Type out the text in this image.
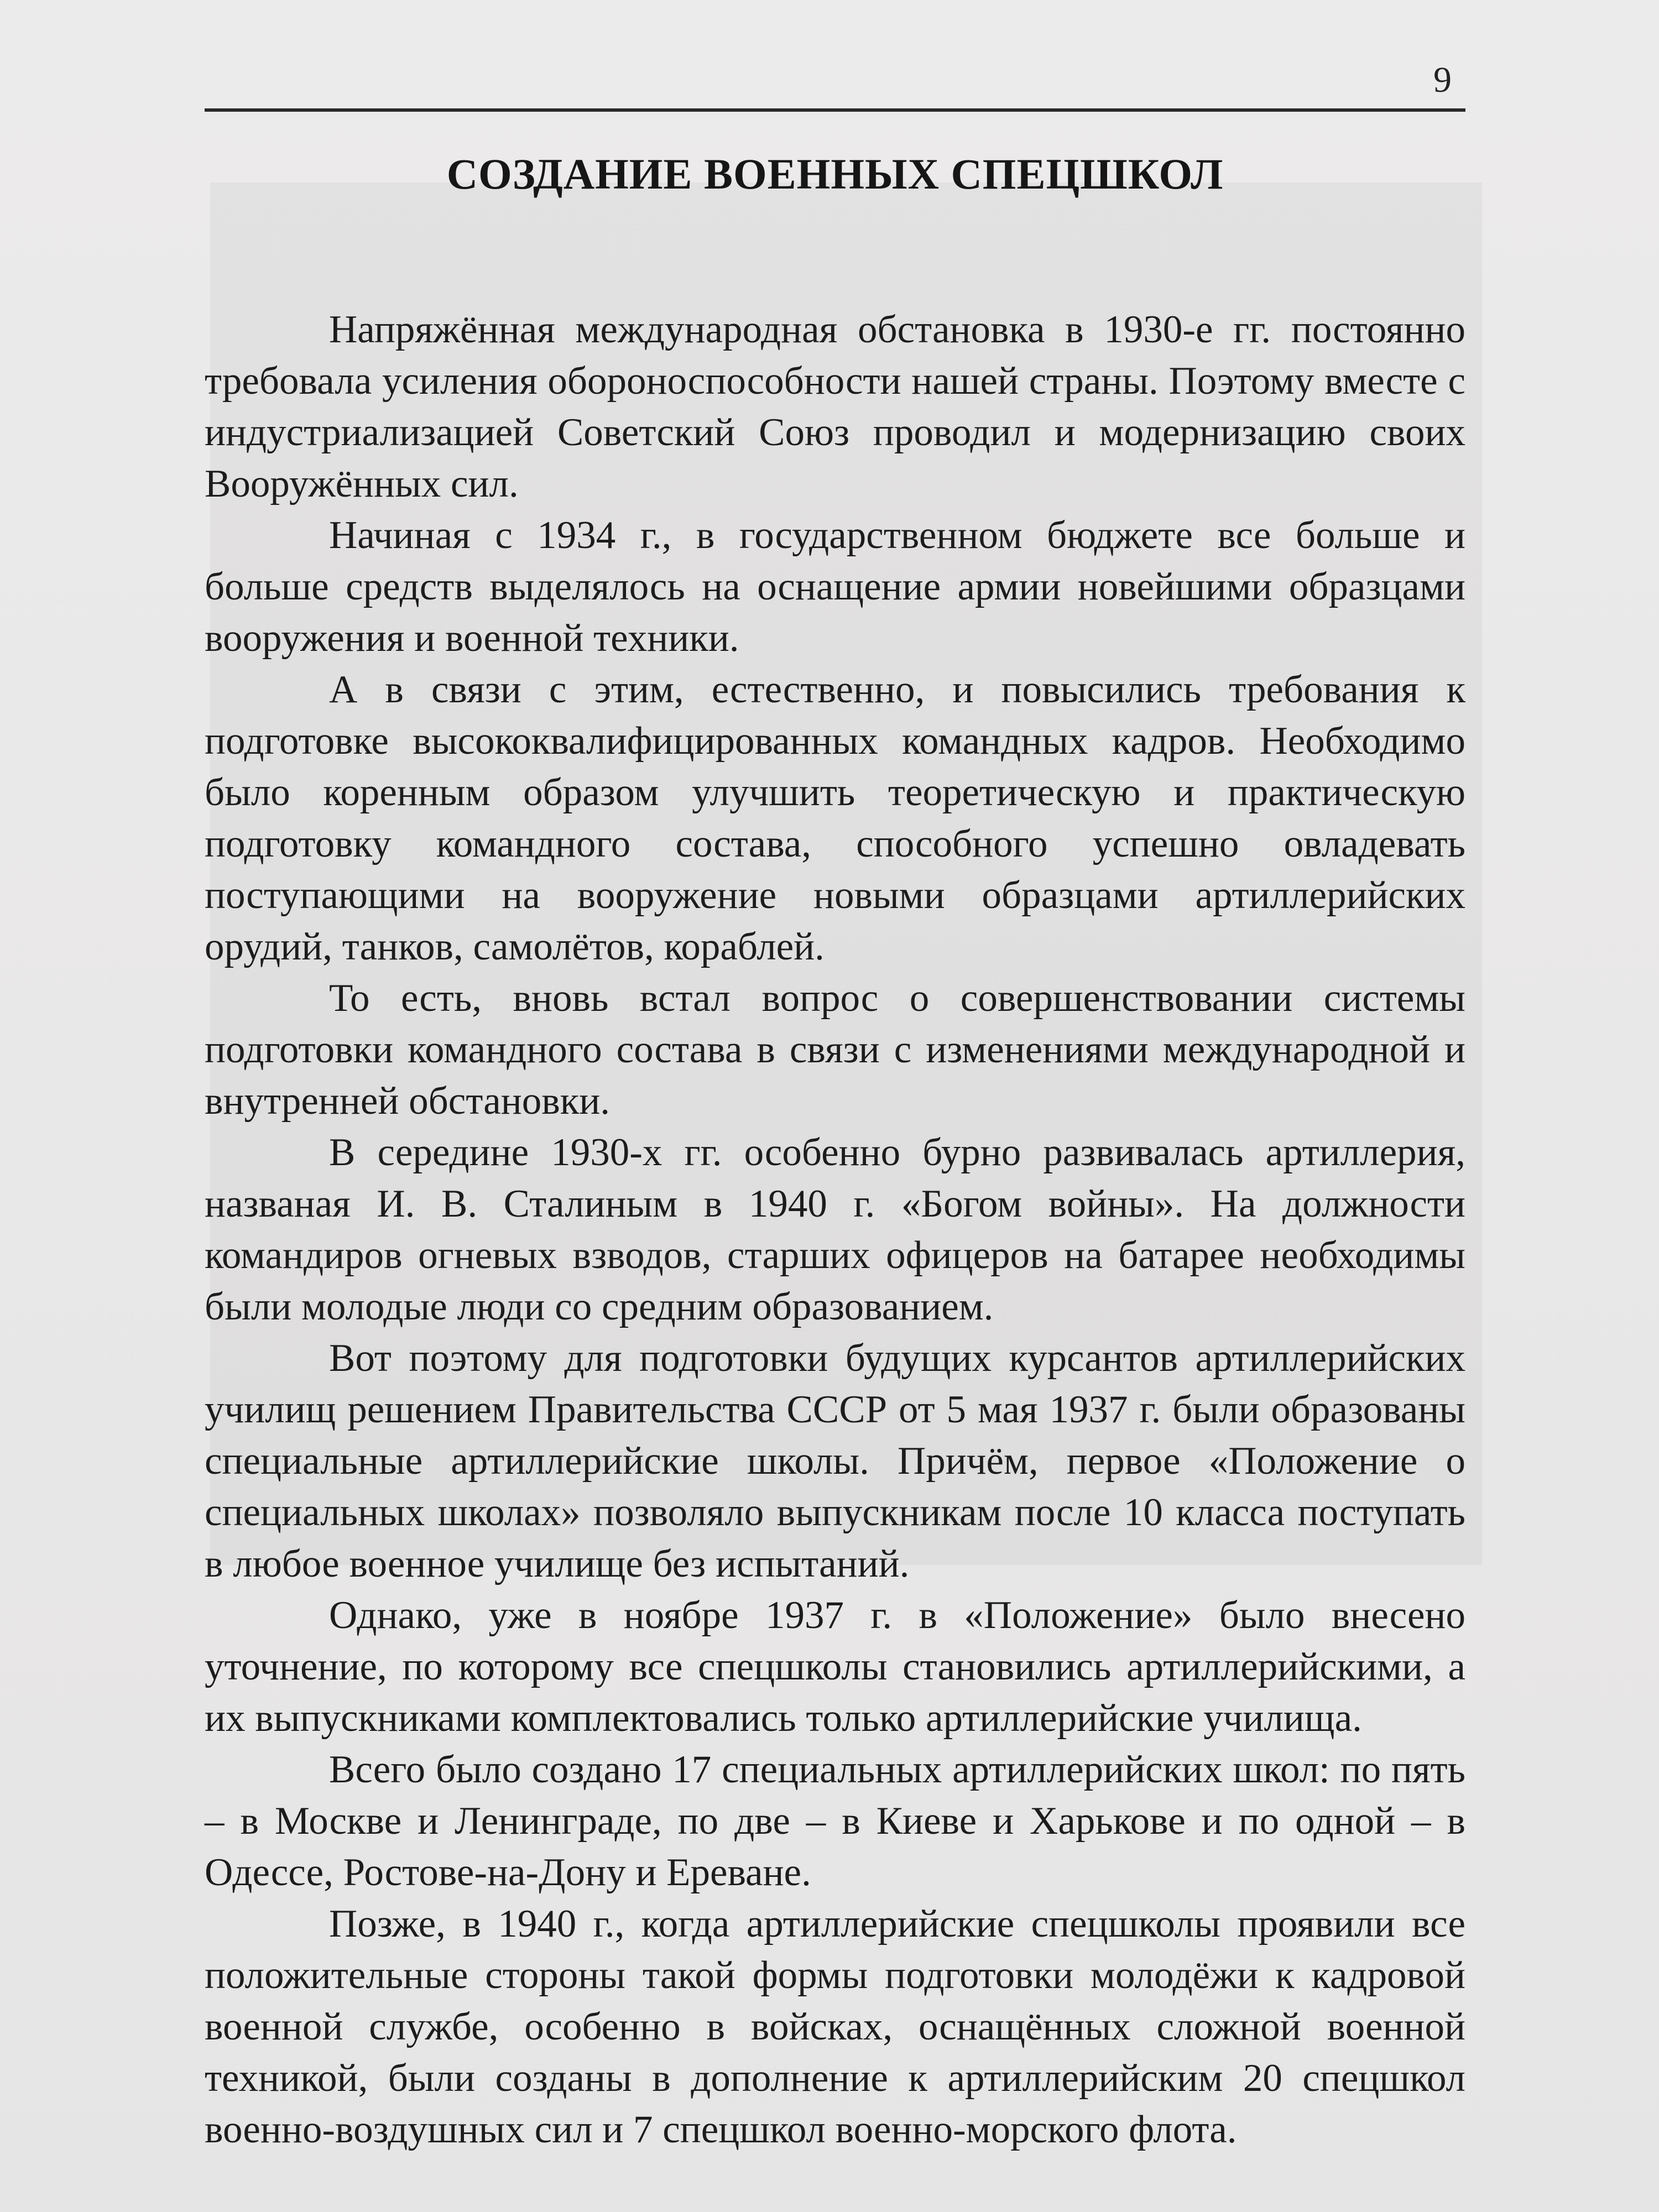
9
СОЗДАНИЕ ВОЕННЫХ СПЕЦШКОЛ

Напряжённая международная обстановка в 1930-е гг. постоянно требовала усиления обороноспособности нашей страны. Поэтому вместе с индустриализацией Советский Союз проводил и модернизацию своих Вооружённых сил.

Начиная с 1934 г., в государственном бюджете все больше и больше средств выделялось на оснащение армии новейшими образцами вооружения и военной техники.

А в связи с этим, естественно, и повысились требования к подготовке высококвалифицированных командных кадров. Необходимо было коренным образом улучшить теоретическую и практическую подготовку командного состава, способного успешно овладевать поступающими на вооружение новыми образцами артиллерийских орудий, танков, самолётов, кораблей.

То есть, вновь встал вопрос о совершенствовании системы подготовки командного состава в связи с изменениями международной и внутренней обстановки.

В середине 1930-х гг. особенно бурно развивалась артиллерия, названая И. В. Сталиным в 1940 г. «Богом войны». На должности командиров огневых взводов, старших офицеров на батарее необходимы были молодые люди со средним образованием.

Вот поэтому для подготовки будущих курсантов артиллерийских училищ решением Правительства СССР от 5 мая 1937 г. были образованы специальные артиллерийские школы. Причём, первое «Положение о специальных школах» позволяло выпускникам после 10 класса поступать в любое военное училище без испытаний.

Однако, уже в ноябре 1937 г. в «Положение» было внесено уточнение, по которому все спецшколы становились артиллерийскими, а их выпускниками комплектовались только артиллерийские училища.

Всего было создано 17 специальных артиллерийских школ: по пять – в Москве и Ленинграде, по две – в Киеве и Харькове и по одной – в Одессе, Ростове-на-Дону и Ереване.

Позже, в 1940 г., когда артиллерийские спецшколы проявили все положительные стороны такой формы подготовки молодёжи к кадровой военной службе, особенно в войсках, оснащённых сложной военной техникой, были созданы в дополнение к артиллерийским 20 спецшкол военно-воздушных сил и 7 спецшкол военно-морского флота.
